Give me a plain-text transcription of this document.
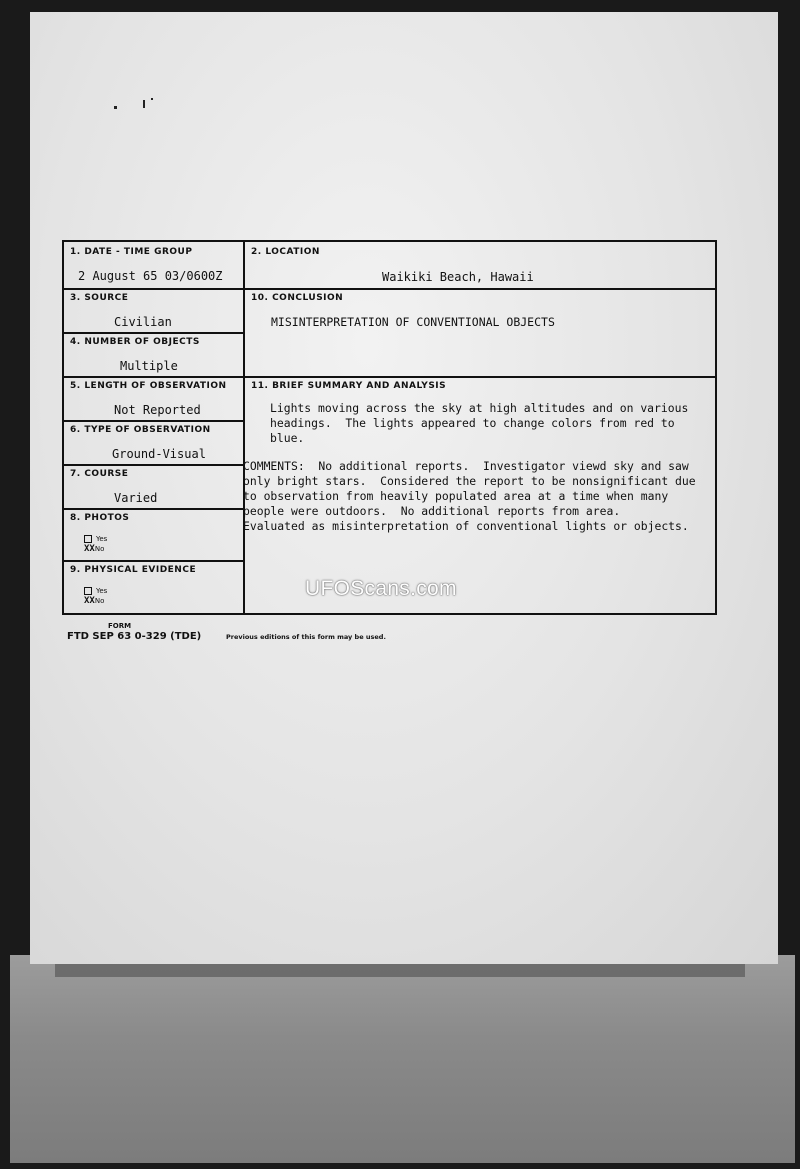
1. DATE - TIME GROUP
2 August 65 03/0600Z
2. LOCATION
Waikiki Beach, Hawaii
3. SOURCE
Civilian
10. CONCLUSION
MISINTERPRETATION OF CONVENTIONAL OBJECTS
4. NUMBER OF OBJECTS
Multiple
5. LENGTH OF OBSERVATION
Not Reported
11. BRIEF SUMMARY AND ANALYSIS
6. TYPE OF OBSERVATION
Ground-Visual
7. COURSE
Varied
8. PHOTOS
Yes
XXNo
9. PHYSICAL EVIDENCE
Yes
XXNo
Lights moving across the sky at high altitudes and on various
headings.  The lights appeared to change colors from red to
blue.
COMMENTS:  No additional reports.  Investigator viewd sky and saw
only bright stars.  Considered the report to be nonsignificant due
to observation from heavily populated area at a time when many
people were outdoors.  No additional reports from area.
Evaluated as misinterpretation of conventional lights or objects.
UFOScans.com
FORM
FTD SEP 63 0-329 (TDE)	Previous editions of this form may be used.
